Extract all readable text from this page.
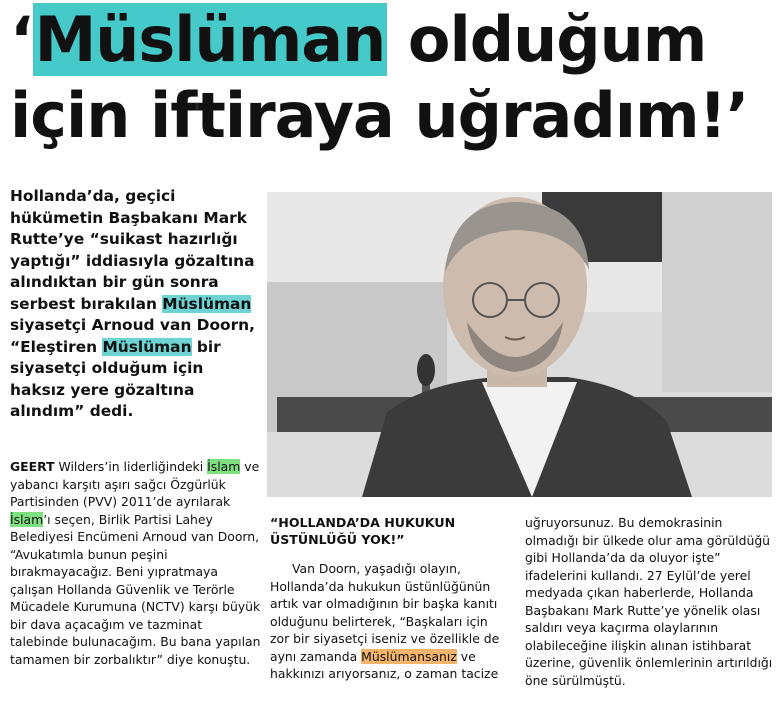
‘Müslüman olduğum
için iftiraya uğradım!’

Hollanda’da, geçici hükümetin Başbakanı Mark Rutte’ye “suikast hazırlığı yaptığı” iddiasıyla gözaltına alındıktan bir gün sonra serbest bırakılan Müslüman siyasetçi Arnoud van Doorn, “Eleştiren Müslüman bir siyasetçi olduğum için haksız yere gözaltına alındım” dedi.

GEERT Wilders’in liderliğindeki İslam ve yabancı karşıtı aşırı sağcı Özgürlük Partisinden (PVV) 2011’de ayrılarak İslam’ı seçen, Birlik Partisi Lahey Belediyesi Encümeni Arnoud van Doorn, “Avukatımla bunun peşini bırakmayacağız. Beni yıpratmaya çalışan Hollanda Güvenlik ve Terörle Mücadele Kurumuna (NCTV) karşı büyük bir dava açacağım ve tazminat talebinde bulunacağım. Bu bana yapılan tamamen bir zorbalıktır” diye konuştu.

“HOLLANDA’DA HUKUKUN ÜSTÜNLÜĞÜ YOK!”

Van Doorn, yaşadığı olayın, Hollanda’da hukukun üstünlüğünün artık var olmadığının bir başka kanıtı olduğunu belirterek, “Başkaları için zor bir siyasetçi iseniz ve özellikle de aynı zamanda Müslümansanız ve hakkınızı arıyorsanız, o zaman tacize

uğruyorsunuz. Bu demokrasinin olmadığı bir ülkede olur ama görüldüğü gibi Hollanda’da da oluyor işte” ifadelerini kullandı. 27 Eylül’de yerel medyada çıkan haberlerde, Hollanda Başbakanı Mark Rutte’ye yönelik olası saldırı veya kaçırma olaylarının olabileceğine ilişkin alınan istihbarat üzerine, güvenlik önlemlerinin artırıldığı öne sürülmüştü.
